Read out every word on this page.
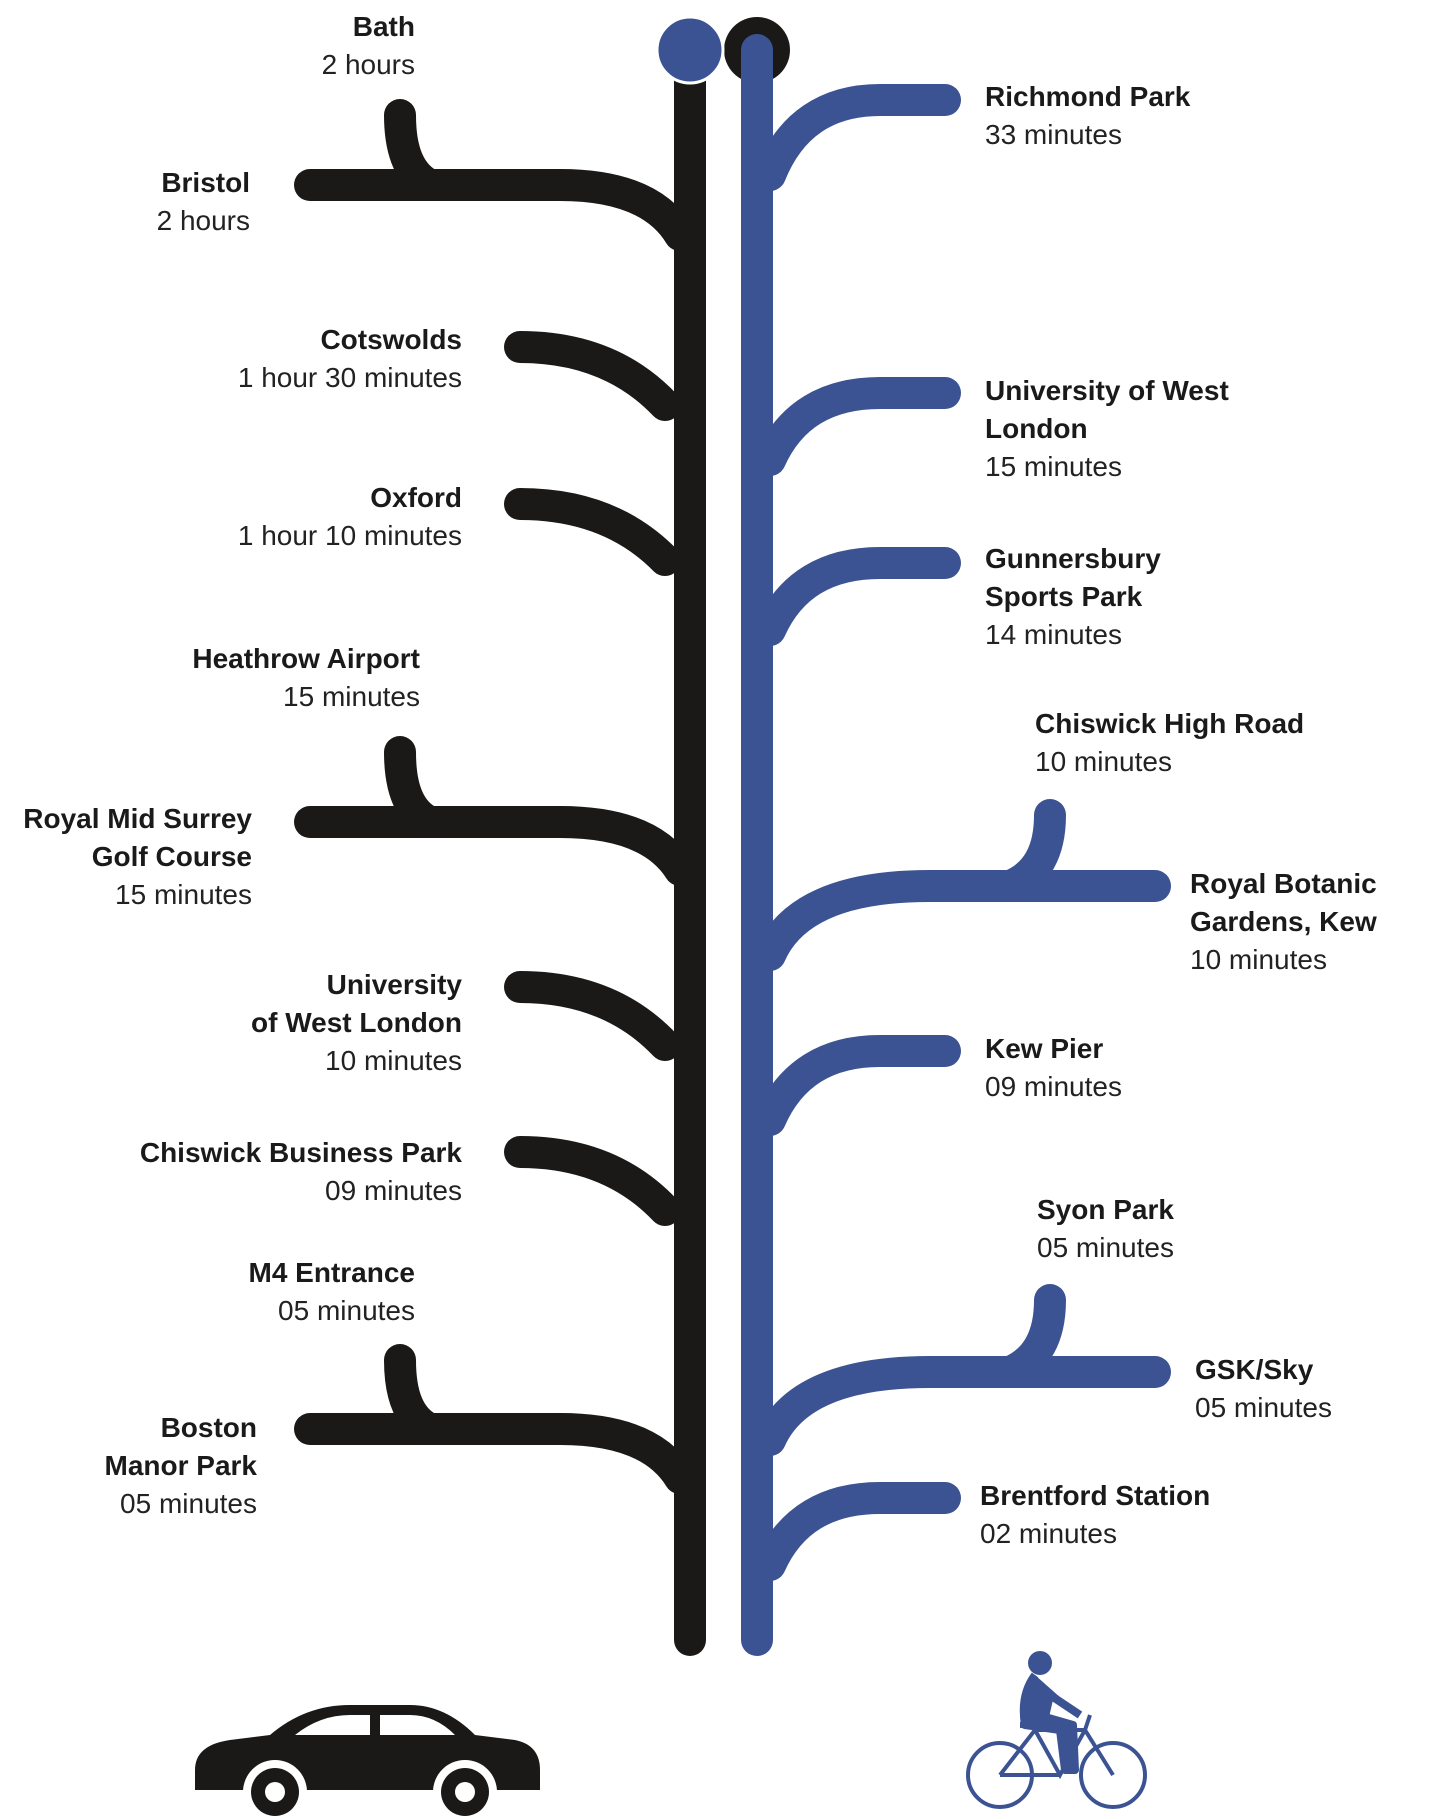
Bath
2 hours
Bristol
2 hours
Cotswolds
1 hour 30 minutes
Oxford
1 hour 10 minutes
Heathrow Airport
15 minutes
Royal Mid Surrey
Golf Course
15 minutes
University
of West London
10 minutes
Chiswick Business Park
09 minutes
M4 Entrance
05 minutes
Boston
Manor Park
05 minutes
Richmond Park
33 minutes
University of West
London
15 minutes
Gunnersbury
Sports Park
14 minutes
Chiswick High Road
10 minutes
Royal Botanic
Gardens, Kew
10 minutes
Kew Pier
09 minutes
Syon Park
05 minutes
GSK/Sky
05 minutes
Brentford Station
02 minutes
